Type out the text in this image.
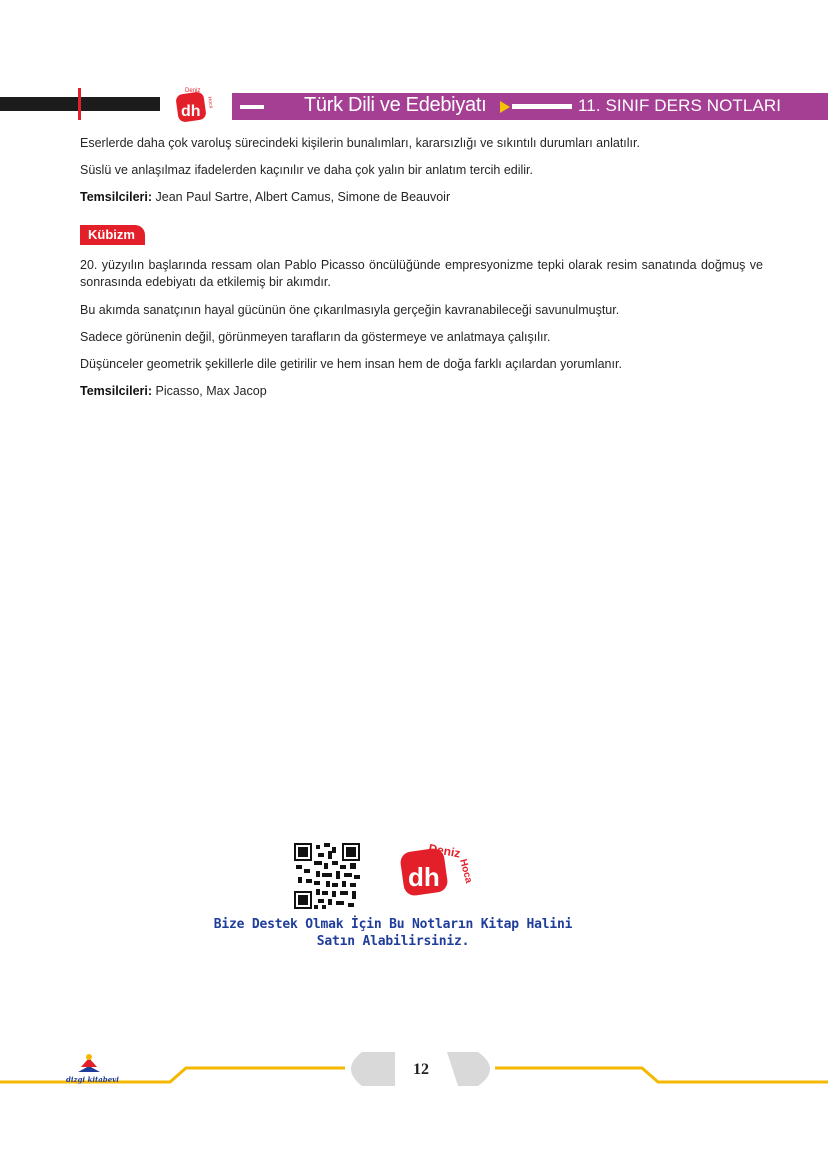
dh
Deniz
Hoca	Türk Dili ve Edebiyatı	11. SINIF DERS NOTLARI
Eserlerde daha çok varoluş sürecindeki kişilerin bunalımları, kararsızlığı ve sıkıntılı durumları anlatılır.
Süslü ve anlaşılmaz ifadelerden kaçınılır ve daha çok yalın bir anlatım tercih edilir.
Temsilcileri: Jean Paul Sartre, Albert Camus, Simone de Beauvoir
Kübizm
20. yüzyılın başlarında ressam olan Pablo Picasso öncülüğünde empresyonizme tepki olarak resim sanatında doğmuş ve sonrasında edebiyatı da etkilemiş bir akımdır.
Bu akımda sanatçının hayal gücünün öne çıkarılmasıyla gerçeğin kavranabileceği savunulmuştur.
Sadece görünenin değil, görünmeyen tarafların da göstermeye ve anlatmaya çalışılır.
Düşünceler geometrik şekillerle dile getirilir ve hem insan hem de doğa farklı açılardan yorumlanır.
Temsilcileri: Picasso, Max Jacop
dh
Deniz
Hoca
Bize Destek Olmak İçin Bu Notların Kitap Halini
Satın Alabilirsiniz.
12
dizgi kitabevi
